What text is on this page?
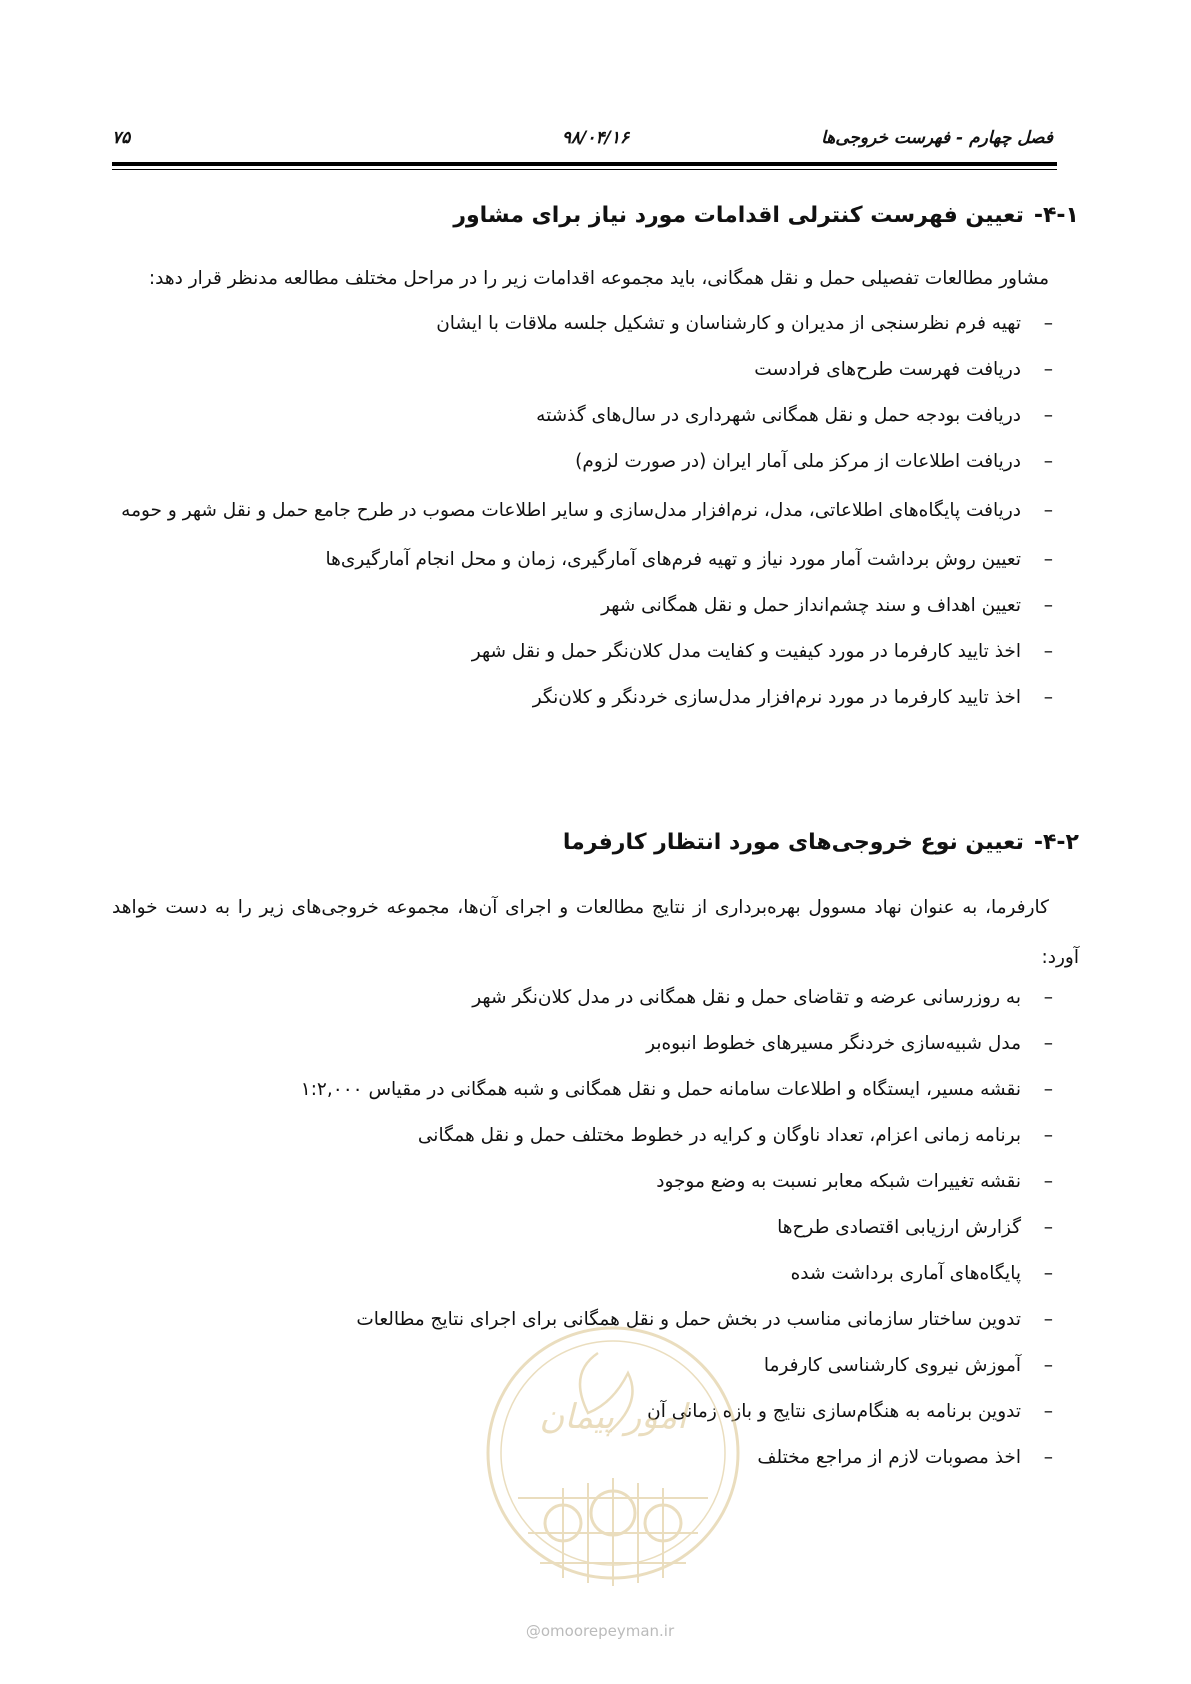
فصل چهارم - فهرست خروجی‌ها
۹۸/۰۴/۱۶
۷۵
۴-۱-تعیین فهرست کنترلی اقدامات مورد نیاز برای مشاور
مشاور مطالعات تفصیلی حمل و نقل همگانی، باید مجموعه اقدامات زیر را در مراحل مختلف مطالعه مدنظر قرار دهد:
–
تهیه فرم نظرسنجی از مدیران و کارشناسان و تشکیل جلسه ملاقات با ایشان
–
دریافت فهرست طرح‌های فرادست
–
دریافت بودجه حمل و نقل همگانی شهرداری در سال‌های گذشته
–
دریافت اطلاعات از مرکز ملی آمار ایران (در صورت لزوم)
–
دریافت پایگاه‌های اطلاعاتی، مدل، نرم‌افزار مدل‌سازی و سایر اطلاعات مصوب در طرح جامع حمل و نقل شهر و حومه
–
تعیین روش برداشت آمار مورد نیاز و تهیه فرم‌های آمارگیری، زمان و محل انجام آمارگیری‌ها
–
تعیین اهداف و سند چشم‌انداز حمل و نقل همگانی شهر
–
اخذ تایید کارفرما در مورد کیفیت و کفایت مدل کلان‌نگر حمل و نقل شهر
–
اخذ تایید کارفرما در مورد نرم‌افزار مدل‌سازی خردنگر و کلان‌نگر
۴-۲-تعیین نوع خروجی‌های مورد انتظار کارفرما
کارفرما، به عنوان نهاد مسوول بهره‌برداری از نتایج مطالعات و اجرای آن‌ها، مجموعه خروجی‌های زیر را به دست خواهد آورد:
–
به روزرسانی عرضه و تقاضای حمل و نقل همگانی در مدل کلان‌نگر شهر
–
مدل شبیه‌سازی خردنگر مسیرهای خطوط انبوه‌بر
–
نقشه مسیر، ایستگاه و اطلاعات سامانه حمل و نقل همگانی و شبه همگانی در مقیاس ۱:۲,۰۰۰
–
برنامه زمانی اعزام، تعداد ناوگان و کرایه در خطوط مختلف حمل و نقل همگانی
–
نقشه تغییرات شبکه معابر نسبت به وضع موجود
–
گزارش ارزیابی اقتصادی طرح‌ها
–
پایگاه‌های آماری برداشت شده
–
تدوین ساختار سازمانی مناسب در بخش حمل و نقل همگانی برای اجرای نتایج مطالعات
–
آموزش نیروی کارشناسی کارفرما
–
تدوین برنامه به هنگام‌سازی نتایج و بازه زمانی آن
–
اخذ مصوبات لازم از مراجع مختلف
امور پیمان
@omoorepeyman.ir
